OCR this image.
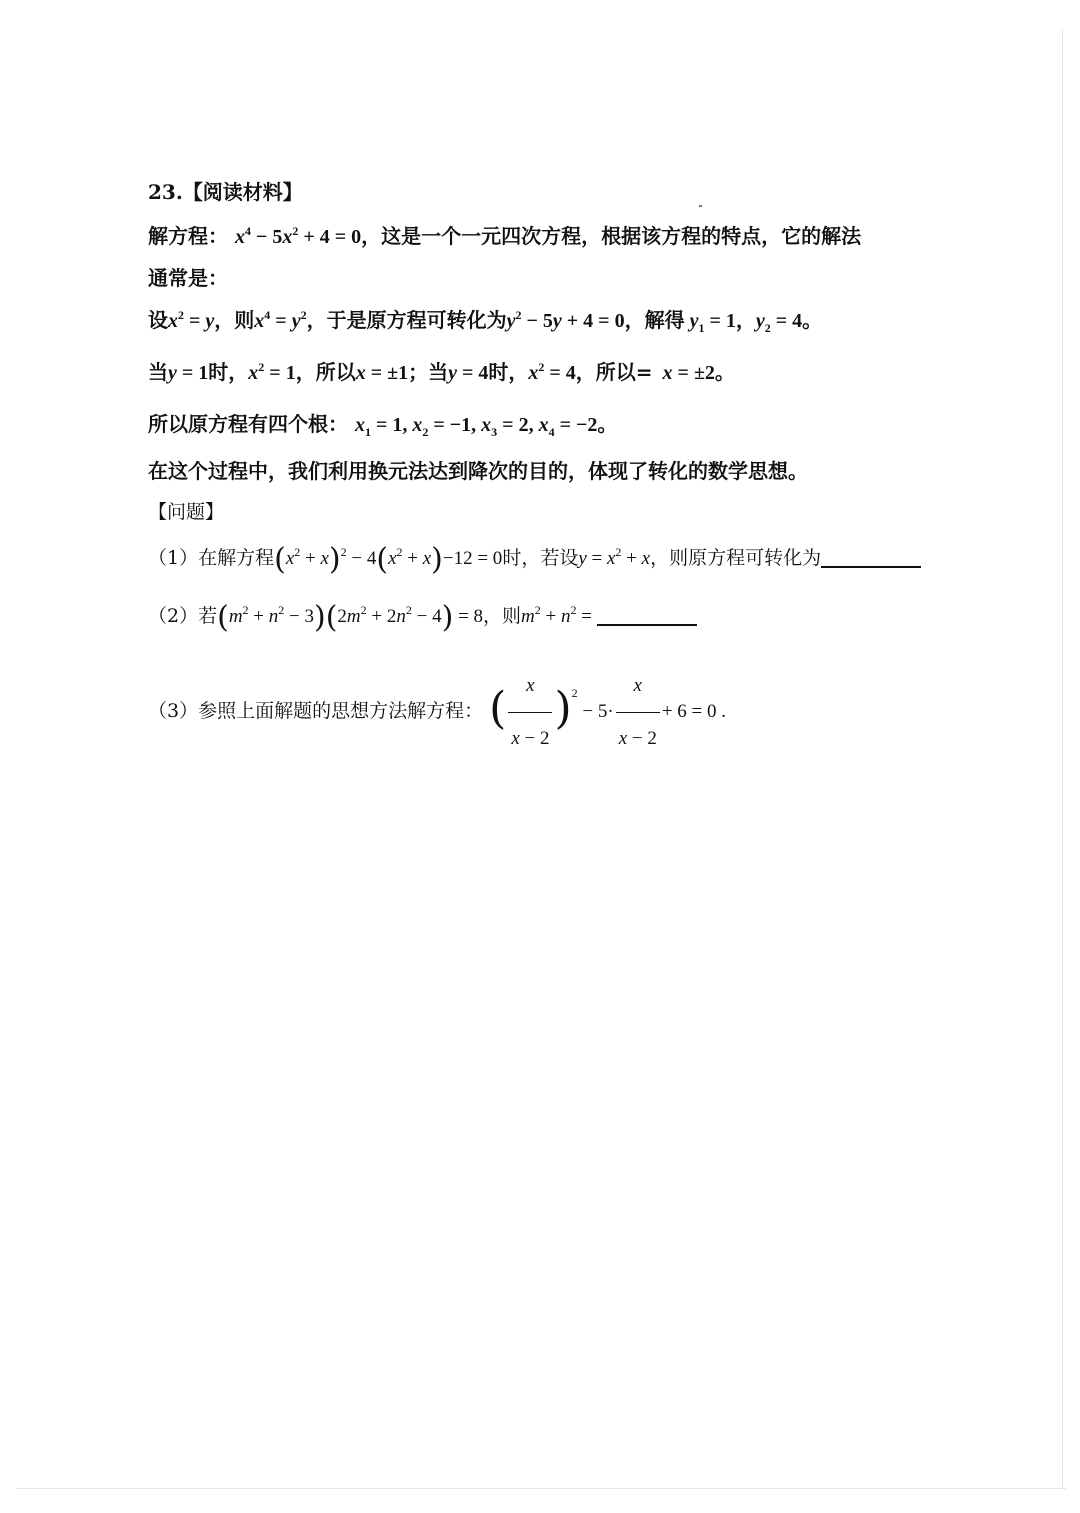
23.【阅读材料】
解方程： $x^4 - 5x^2 + 4 = 0$，这是一个一元四次方程，根据该方程的特点，它的解法
通常是：
设$x^2 = y$，则$x^4 = y^2$，于是原方程可转化为$y^2 - 5y + 4 = 0$，解得 $y_1 = 1$，$y_2 = 4$。
当y = 1时，$x^2 = 1$，所以x = ±1；当y = 4时，$x^2 = 4$，所以=  x = ±2。
所以原方程有四个根： $x_1 = 1$, $x_2 = -1$, $x_3 = 2$, $x_4 = -2$。
在这个过程中，我们利用换元法达到降次的目的，体现了转化的数学思想。
【问题】
（1）在解方程$(x^2 + x)^2 - 4(x^2 + x)-12 = 0$时，若设$y = x^2 + x$，则原方程可转化为
（2）若$(m^2 + n^2 - 3)(2m^2 + 2n^2 - 4) = 8$，则$m^2 + n^2$ =
（3）参照上面解题的思想方法解方程： ( $\frac{x}{x - 2} )^2 - 5\cdot \frac{x}{x - 2} + 6 = 0$ .
